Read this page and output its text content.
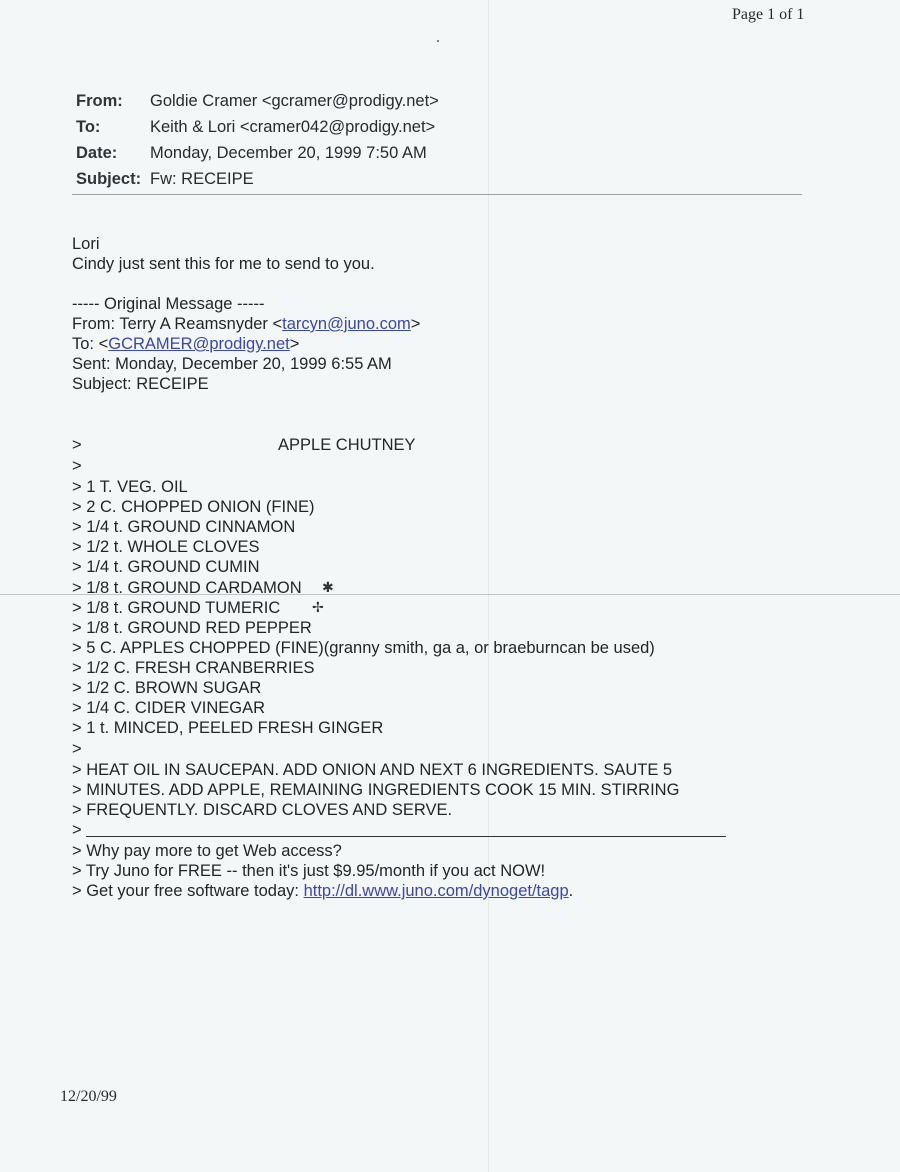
Page 1 of 1
From: Goldie Cramer <gcramer@prodigy.net>
To:	Keith & Lori <cramer042@prodigy.net>
Date: Monday, December 20, 1999 7:50 AM
Subject: Fw: RECEIPE
Lori
Cindy just sent this for me to send to you.
----- Original Message -----
From: Terry A Reamsnyder <tarcyn@juno.com>
To: <GCRAMER@prodigy.net>
Sent: Monday, December 20, 1999 6:55 AM
Subject: RECEIPE
>	APPLE CHUTNEY
>
> 1 T. VEG. OIL
> 2 C. CHOPPED ONION (FINE)
> 1/4 t. GROUND CINNAMON
> 1/2 t. WHOLE CLOVES
> 1/4 t. GROUND CUMIN
> 1/8 t. GROUND CARDAMON ✱
> 1/8 t. GROUND TUMERIC ✢
> 1/8 t. GROUND RED PEPPER
> 5 C. APPLES CHOPPED (FINE)(granny smith, ga a, or braeburncan be used)
> 1/2 C. FRESH CRANBERRIES
> 1/2 C. BROWN SUGAR
> 1/4 C. CIDER VINEGAR
> 1 t. MINCED, PEELED FRESH GINGER
>
> HEAT OIL IN SAUCEPAN. ADD ONION AND NEXT 6 INGREDIENTS. SAUTE 5
> MINUTES. ADD APPLE, REMAINING INGREDIENTS COOK 15 MIN. STIRRING
> FREQUENTLY. DISCARD CLOVES AND SERVE.
>
> Why pay more to get Web access?
> Try Juno for FREE -- then it's just $9.95/month if you act NOW!
> Get your free software today: http://dl.www.juno.com/dynoget/tagp.
12/20/99
